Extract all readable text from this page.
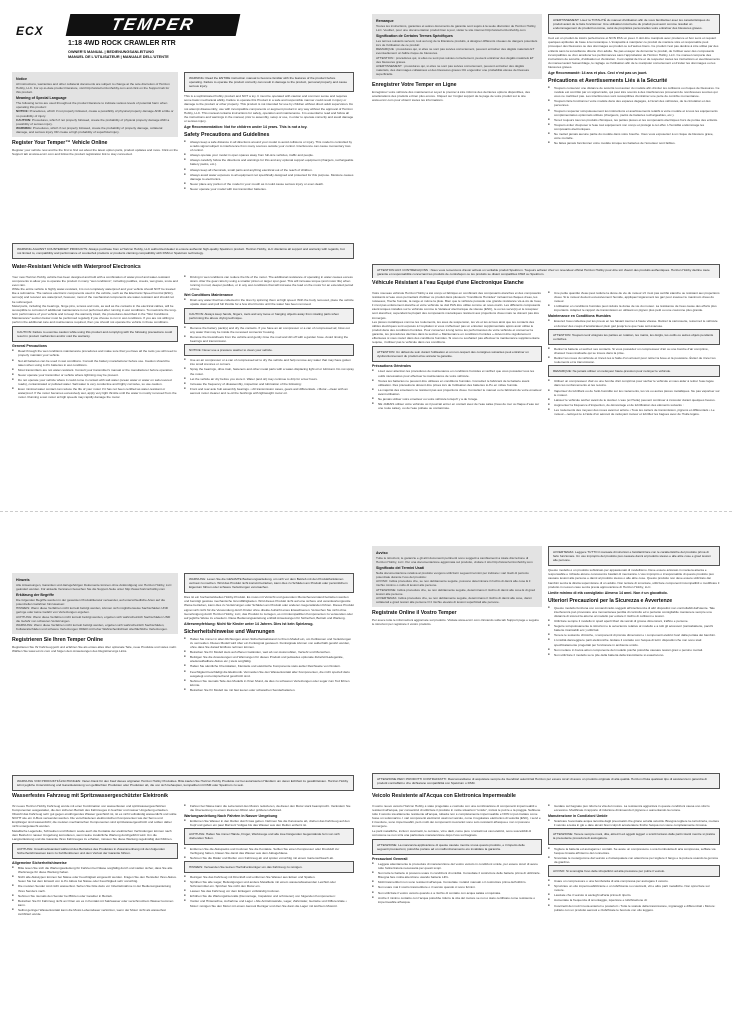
ECX	TEMPER
1:18 4WD ROCK CRAWLER RTR
OWNER'S MANUAL | BEDIENUNGSANLEITUNG
MANUEL DE L'UTILISATEUR | MANUALE DELL'UTENTE
Notice
All instructions, warranties and other collateral documents are subject to change at the sole discretion of Horizon Hobby, LLC. For up-to-date product literature, visit http://www.horizonhobby.com and click on the Support tab for this product.
Meaning of Special Language
The following terms are used throughout the product literature to indicate various levels of potential harm when operating this product:
NOTICE: Procedures, which if not properly followed, create a possibility of physical property damage AND a little or no possibility of injury.
CAUTION: Procedures, which if not properly followed, create the probability of physical property damage AND a possibility of serious injury.
WARNING: Procedures, which if not properly followed, create the probability of property damage, collateral damage, and serious injury OR create a high probability of superficial injury.
Register Your Temper™ Vehicle Online
Register your vehicle now and be the first to find out about the latest option parts, product updates and more. Click on the Support tab at www.ecxrc.com and follow the product registration link to stay connected.
WARNING: Read the ENTIRE instruction manual to become familiar with the features of the product before operating. Failure to operate the product correctly can result in damage to the product, personal property and cause serious injury.
This is a sophisticated hobby product and NOT a toy. It must be operated with caution and common sense and requires some basic mechanical ability. Failure to operate this Product in a safe and responsible manner could result in injury or damage to the product or other property. This product is not intended for use by children without direct adult supervision. Do not attempt disassembly, use with incompatible components or augment product in any way without the approval of Horizon Hobby, LLC. This manual contains instructions for safety, operation and maintenance. It is essential to read and follow all the instructions and warnings in the manual, prior to assembly, setup or use, in order to operate correctly and avoid damage or serious injury.
Age Recommendation: Not for children under 14 years. This is not a toy.
Safety Precautions and Guidelines
■ Always keep a safe distance in all directions around your model to avoid collisions or injury. This model is controlled by a radio signal subject to interference from many sources outside your control. Interference can cause momentary loss of control.
■ Always operate your model in open spaces away from full-size vehicles, traffic and people.
■ Always carefully follow the directions and warnings for this and any optional support equipment (chargers, rechargeable battery packs, etc.).
■ Always keep all chemicals, small parts and anything electrical out of the reach of children.
■ Always avoid water exposure to all equipment not specifically designed and protected for this purpose. Moisture causes damage to electronics.
■ Never place any portion of the model in your mouth as it could cause serious injury or even death.
■ Never operate your model with low transmitter batteries.
WARNING AGAINST COUNTERFEIT PRODUCTS: Always purchase from a Horizon Hobby, LLC authorized dealer to ensure authentic high-quality Spektrum product. Horizon Hobby, LLC disclaims all support and warranty with regards, but not limited to, compatibility and performance of counterfeit products or products claiming compatibility with DSM or Spektrum technology.
Water-Resistant Vehicle with Waterproof Electronics
Your new Horizon Hobby vehicle has been designed and built with a combination of water-proof and water-resistant components to allow you to operate the product in many "wet conditions", including puddles, creeks, wet grass, snow and even rain.
While the entire vehicle is highly water-resistant, it is not completely waterproof and your vehicle should NOT be treated like a submarine. The various electronic components used in the vehicle, such as the Electronic Speed Control (ESC), servo(s) and receiver are waterproof, however, most of the mechanical components are water-resistant and should not be submerged.
Metal parts, including the bearings, hinge pins, screws and nuts, as well as the contacts in the electrical cables, will be susceptible to corrosion if additional maintenance is not performed after running in wet conditions. To maximize the long-term performance of your vehicle and to keep the warranty intact, the procedures described in the "Wet Conditions Maintenance" section below must be performed regularly if you choose to run in wet conditions. If you are not willing to perform the additional care and maintenance required, then you should not operate the vehicle in those conditions.
CAUTION: Failure to exercise caution while using this product and complying with the following precautions could result in product malfunction and/or void the warranty.
General Precautions
■ Read through the wet conditions maintenance procedures and make sure that you have all the tools you will need to properly maintain your vehicle.
■ Not all batteries can be used in wet conditions. Consult the battery manufacturer before use. Caution should be taken when using Li-Po batteries in wet conditions.
■ Most transmitters are not water-resistant. Consult your transmitter's manual or the manufacturer before operation.
■ Never operate your transmitter or vehicle where lightning may be present.
■ Do not operate your vehicle where it could come in contact with salt water (ocean water or water on salt-covered roads), contaminated or polluted water. Salt water is very conductive and highly corrosive, so use caution.
■ Even minimal water contact can reduce the life of your motor if it has not been certified as water-resistant or waterproof. If the motor becomes excessively wet, apply very light throttle until the water is mostly removed from the motor. Running a wet motor at high speeds may rapidly damage the motor.
■ Driving in wet conditions can reduce the life of the motor. The additional resistance of operating in water causes excess strain. Alter the gear ratio by using a smaller pinion or larger spur gear. This will increase torque (and motor life) when running in mud, deeper puddles, or in any wet conditions that will increase the load on the motor for an extended period of time.
Wet Conditions Maintenance
■ Drain any water that has collected in the tires by spinning them at high speed. With the body removed, place the vehicle upside down and pull full throttle for a few short bursts until the water has been removed.
CAUTION: Always keep hands, fingers, tools and any loose or hanging objects away from rotating parts when performing the above drying technique.
■ Remove the battery pack(s) and dry the contacts. If you have an air compressor or a can of compressed air, blow out any water that may be inside the recessed connector housing.
■ Remove the tires/wheels from the vehicle and gently rinse the mud and dirt off with a garden hose. Avoid rinsing the bearings and transmission.
NOTICE: Never use a pressure washer to clean your vehicle.
■ Use an air compressor or a can of compressed air to dry the vehicle and help remove any water that may have gotten into small crevices or corners.
■ Spray the bearings, drive train, fasteners and other metal parts with a water-displacing light oil or lubricant. Do not spray the motor.
■ Let the vehicle air dry before you store it. Water (and oil) may continue to drip for a few hours.
■ Increase the frequency of disassembly, inspection and lubrication of the following:
■ Front and rear axle hub assembly bearings. • All transmission cases, gears and differentials. • Motor—clean with an aerosol motor cleaner and re-oil the bushings with lightweight motor oil.
Remarque
Toutes les instructions, garanties et autres documents de garantie sont sujets à la seule discrétion de Horizon Hobby, LLC. Veuillez, pour une documentation produit bien à jour, visiter le site internet http://www.horizonhobby.com
Signification de Certains Termes Spécifiques
Les termes suivants servent, tout au long de la littérature produits, à désigner différents niveaux de dangers potentiels lors de l'utilisation de ce produit:
REMARQUE : procédures qui, si elles ne sont pas suivies correctement, peuvent entraîner des dégâts matériels ET éventuellement un faible risque de blessures.
ATTENTION : procédures qui, si elles ne sont pas suivies correctement, peuvent entraîner des dégâts matériels ET des blessures graves.
AVERTISSEMENT : procédures qui, si elles ne sont pas suivies correctement, peuvent entraîner des dégâts matériels, des dommages collatéraux et des blessures graves OU engendrer une probabilité élevée de blessure superficielle.
Enregistrer Votre Temper en Ligne
Enregistrez votre véhicule dès maintenant et soyez le premier à être informé des dernières options disponibles, des améliorations des produits et bien plus encore. Cliquez sur l'onglet support de la page de votre produit sur le site www.ecxrc.com pour obtenir toutes les informations.
AVERTISSEMENT: Lisez la TOTALITÉ du manuel d'utilisation afin de vous familiariser avec les caractéristiques du produit avant de le faire fonctionner. Une utilisation incorrecte du produit peut avoir comme résultat un endommagement du produit lui-même, celui de propriétés personnelles voire entraîner des blessures graves.
Ceci est un produit de loisirs perfectionné et NON PAS un jouet. Il doit être manipulé avec prudence et bon sens et requiert quelques aptitudes de base à la mécanique. L'incapacité à manipuler ce produit de manière sûre et responsable peut provoquer des blessures ou des dommages au produit ou à d'autres biens. Ce produit n'est pas destiné à être utilisé par des enfants sans la surveillance directe d'un adulte. Ne pas essayer de démonter le produit, de l'utiliser avec des composants incompatibles ou d'en améliorer les performances sans l'approbation de Horizon Hobby, LLC. Ce manuel comporte des instructions de sécurité, d'utilisation et d'entretien. Il est capital de lire et de respecter toutes les instructions et avertissements du manuel avant l'assemblage, le réglage ou l'utilisation afin de le manipuler correctement et d'éviter les dommages ou les blessures graves.
Age Recommandé: 14 ans et plus. Ceci n'est pas un jouet.
Précautions et Avertissements Liés à la Sécurité
■ Toujours conserver une distance de sécurité tout autour du modèle afin d'éviter les collisions ou risques de blessures. Ce modèle est contrôlé par un signal radio, qui peut être soumis à des interférences provenant de nombreuses sources qui vous ne maîtrisez pas. Les interférences sont susceptibles d'entraîner une perte de contrôle momentanée.
■ Toujours faire fonctionner votre modèle dans des espaces dégagés, à l'écart des véhicules, de la circulation et des personnes.
■ Toujours respecter scrupuleusement les instructions et avertissements relatifs à votre modèle et à tous les équipements complémentaires optionnels utilisés (chargeurs, packs de batteries rechargeables, etc.).
■ Tenez toujours tous les produits chimiques, les petites pièces et les composants électriques hors de portée des enfants.
■ Toujours éviter d'exposer à l'eau tout équipement non conçu et protégé à cet effet. L'humidité endommage les composants électroniques.
■ Ne mettez jamais aucune partie du modèle dans votre bouche. Vous vous exposeriez à un risque de blessure grave, voire mortelle.
■ Ne faites jamais fonctionner votre modèle lorsque les batteries de l'émetteur sont faibles.
ATTENTION AUX CONTREFAÇONS : Nous vous remercions d'avoir acheté un véritable produit Spektrum. Toujours acheter chez un revendeur officiel Horizon Hobby pour être sûr d'avoir des produits authentiques. Horizon Hobby décline toute garantie et responsabilité concernant les produits de contrefaçon ou les produits se disant compatibles DSM ou Spektrum.
Véhicule Résistant à l'eau Equipé d'une Electronique Etanche
Votre nouveau véhicule Horizon Hobby a été conçu et fabriqué en combinant des composants étanches et des composants résistants à l'eau vous permettant d'utiliser ce produit dans plusieurs "Conditions Humides" incluant les flaques d'eau, les ruisseaux, l'herbe humide, la neige et même la pluie. Bien que le véhicule possède une grande résistance vis-à-vis de l'eau, il n'est pas entièrement étanche et votre véhicule ne doit PAS être utilisé comme un sous-marin. Les différents composants électroniques installés sur le véhicule comme le Variateur électronique de vitesse (ESC), le ou les servo(s) et le récepteur sont étanches; cependant la plupart des composants mécaniques résistent aux projections d'eau mais ne doivent pas être immergés.
Les pièces métalliques comme les roulements, les axes de suspension, les vis et les écrous ainsi que les contacts des câbles électriques sont exposés à l'oxydation si vous n'effectuez pas un entretien supplémentaire après avoir utilisé le produit dans des conditions humides. Pour conserver à long terme les performances de votre véhicule et conserver la garantie, les procédures décrites dans la section « Maintenance en conditions humides » doivent être régulièrement effectuées si vous roulez dans des conditions humides. Si vous ne souhaitez pas effectuer la maintenance supplémentaire requise, n'utilisez pas le véhicule dans ces conditions.
ATTENTION: Un défaut de soin durant l'utilisation et un non-respect des consignes suivantes peut entraîner un dysfonctionnement du produit et/ou annuler la garantie.
Précautions Générales
■ Lisez avec attention les procédures de maintenance en conditions humides et vérifiez que vous possédez tous les outils nécessaires pour effectuer la maintenance de votre véhicule.
■ Toutes les batteries ne peuvent être utilisées en conditions humides. Consultez le fabricant de la batterie avant utilisation. Des précautions doivent être prises lors de l'utilisation des batteries Li-Po en milieu humide.
■ La majorité des émetteurs ne résistent pas aux projections d'eau. Consultez le manuel ou le fabricant de votre émetteur avant utilisation.
■ Ne jamais utiliser votre émetteur ou votre véhicule lorsqu'il y a de l'orage.
■ NE JAMAIS utiliser votre véhicule où il pourrait entrer en contact avec de l'eau salée (l'eau de mer ou flaque d'eau sur une route salée), ou de l'eau polluée ou contaminée.
■ Une petite quantité d'eau peut réduire la durée de vie du moteur s'il n'est pas certifié étanche ou résistant aux projections d'eau. Si le moteur devient excessivement humide, appliquez légèrement les gaz pour évacuer le maximum d'eau du moteur.
■ L'utilisation en conditions humides peut réduire la durée de vie du moteur. La résistance de l'eau cause des efforts plus importants. Adaptez le rapport de transmission en utilisant un pignon plus petit ou une couronne plus grande.
Maintenance en Conditions Humides
■ Essorez l'eau collectée par les pneus en les faisant tourner à haute vitesse. Retirez la carrosserie, retournez le véhicule et donnez des coups d'accélérateur plein gaz jusqu'à ce que l'eau soit évacuée.
ATTENTION: Toujours tenir éloignés les parties en rotation, les mains, les doigts, les outils ou autres objets pendants ou lâches.
■ Retirez la batterie et séchez ses contacts. Si vous possédez un compresseur d'air ou une bombe d'air comprimé, chassez l'eau résiduelle qui se trouve dans la prise.
■ Retirez les roues du véhicule et rincez-les à l'aide d'un arrosoir pour retirer la boue et la poussière. Évitez de rincer les roulements et la transmission.
REMARQUE: Ne jamais utiliser un nettoyeur haute-pression pour nettoyer le véhicule.
■ Utilisez un compresseur d'air ou une bombe d'air comprimé pour sécher le véhicule et vous aider à retirer l'eau logée dans les renfoncements et les recoins.
■ Vaporisez du lubrifiant ou de l'anti-humidité sur les roulements, les vis ou autres pièces métalliques. Ne pas vaporiser sur le moteur.
■ Laissez le véhicule sécher avant de le stocker. L'eau (et l'huile) peuvent continuer à s'écouler durant quelques heures.
■ Augmentez la fréquence d'inspection, de démontage et de lubrification des éléments suivants :
■ Les roulements des moyeux des roues avant et arrière • Tous les carters de transmission, pignons et différentiels • Le moteur—nettoyez-le à l'aide d'un aérosol de nettoyant moteur et lubrifiez les bagues avec de l'huile légère.
Hinweis
Alle Anweisungen, Garantien und dazugehörigen Dokumente können ohne Ankündigung von Horizon Hobby, LLC geändert werden. Für aktuelle Versionen besuchen Sie die Support-Seite unter http://www.horizonhobby.com
Erklärung der Begriffe
Die folgenden Begriffe werden in der gesamten Produktliteratur verwendet, auf unterschiedliche Arten auf die potenziellen Gefahren hinzuweisen:
HINWEIS: Wenn diese Verfahren nicht korrekt befolgt werden, können sich möglicherweise Sachschäden UND geringe oder keine Gefahr von Verletzungen ergeben.
ACHTUNG: Wenn diese Verfahren nicht korrekt befolgt werden, ergeben sich wahrscheinlich Sachschäden UND die Gefahr von schweren Verletzungen.
WARNUNG: Wenn diese Verfahren nicht korrekt befolgt werden, ergeben sich wahrscheinlich Sachschäden, Kollateralschäden und schwere Verletzungen ODER mit hoher Wahrscheinlichkeit oberflächliche Verletzungen.
Registrieren Sie Ihren Temper Online
Registrieren Sie Ihr Fahrzeug jetzt und erfahren Sie als erstes alles über optionale Teile, neue Produkte und vieles mehr. Wählen Sie www.ecxrc.com und folgen dem Anweisungen des Registrierungs Links.
WARNUNG: Lesen Sie die GESAMTE Bedienungsanleitung, um sich vor dem Betrieb mit den Produktfunktionen vertraut zu machen. Wird das Produkt nicht korrekt betrieben, kann dies zu Schäden am Produkt oder persönlichem Eigentum führen oder schwere Verletzungen verursachen.
Dies ist ein hochentwickeltes Hobby-Produkt. Es muss mit Vorsicht und gesundem Menschenverstand betrieben werden und benötigt gewisse mechanische Grundfähigkeiten. Wird dieses Produkt nicht auf eine sichere und verantwortungsvolle Weise betrieben, kann dies zu Verletzungen oder Schäden am Produkt oder anderen Gegenständen führen. Dieses Produkt eignet sich nicht für die Verwendung durch Kinder ohne direkte Aufsicht eines Erwachsenen. Versuchen Sie nicht ohne Genehmigung durch Horizon Hobby, LLC, das Produkt zu zerlegen, es mit inkompatiblen Komponenten zu verwenden oder auf jegliche Weise zu erweitern. Diese Bedienungsanleitung enthält Anweisungen für Sicherheit, Betrieb und Wartung.
Altersempfehlung: Nicht für Kinder unter 14 Jahren. Dies ist kein Spielzeug.
Sicherheitshinweise und Warnungen
■ Halten Sie immer in allen Richtungen einen Sicherheitsabstand zu Ihrem Modell ein, um Kollisionen und Verletzungen zu vermeiden. Dieses Modell wird über ein Funksignal gesteuert. Funksignale können von außerhalb gestört werden, ohne dass Sie darauf Einfluss nehmen können.
■ Betreiben Sie Ihr Modell stets auf offenen Geländen, weit ab von Automobilen, Verkehr und Menschen.
■ Befolgen Sie die Anweisungen und Warnungen für dieses Produkt und jedwedes optionale Zubehör/Ladegeräte, wiederaufladbare Akkus etc.) stets sorgfältig.
■ Halten Sie sämtliche Chemikalien, Kleinteile und elektrische Komponente stets außer Reichweite von Kindern.
■ Feuchtigkeit beschädigt die Elektronik. Vermeiden Sie den Wasserkontakt aller Komponenten, die nicht speziell dazu ausgelegt und entsprechend geschützt sind.
■ Nehmen Sie niemals Teile des Modells in Ihren Mund, da dies zu schweren Verletzungen oder sogar zum Tod führen könnte.
■ Betreiben Sie Ihr Modell nie mit fast leeren oder schwachen Senderbatterien.
WARNUNG VOR PRODUKTFÄLSCHUNGEN: Vielen Dank für den Kauf dieses originalen Horizon Hobby Produktes. Bitte kaufen Sie Horizon Hobby Produkte nur bei autorisierten Händlern um deren Echtheit zu gewährleisten. Horizon Hobby lehnt jegliche Unterstützung und Garantieleistung von gefälschten Produkten oder Produkten ab, die von sich behaupten, kompatibel mit DSM oder Spektrum zu sein.
Wasserfestes Fahrzeug mit Spritzwassergeschützter Elektronik
Ihr neues Horizon Hobby Fahrzeug wurde mit einer Kombination von wasserfesten und spritzwassergeschützten Komponenten ausgestattet, die den sicheren Betrieb des Fahrzeuges in feuchter und nasser Umgebung erlauben. Obwohl das Fahrzeug sehr gut gegen eindringendes Wasser geschützt ist, ist es nicht vollständig wasserdicht und sollte NICHT wie ein U-Boot verwendet werden. Die verschiedenen elektronischen Komponenten wie der Servo und Empfänger sind wasserdicht; die meisten mechanischen Komponenten sind spritzwassergeschützt und sollten daher nicht untergetaucht werden.
Metallische Lagerteile, Schrauben und Muttern sowie auch die Kontakte der elektrischen Verbindungen können nach dem Betrieb in nasser Umgebung korrodieren, wenn keine zusätzliche Wartung durchgeführt wird. Um die Langzeitleistung und die Garantie Ihres Fahrzeuges zu erhalten, müssen Sie diese Wartung regelmäßig durchführen.
ACHTUNG: Unaufmerksamkeit während des Betriebes des Produktes in Zusammenhang mit den folgenden Sicherheitshinweisen kann zu Fehlfunktionen und dem Verlust der Garantie führen.
Allgemeine Sicherheitshinweise
■ Bitte lesen Sie sich die Wartungsanleitung für Fahrten bei Nässe sorgfältig durch und stellen sicher, dass Sie alle Werkzeuge für diese Wartung haben.
■ Nicht alle Akkutypen können bei Nässe oder Feuchtigkeit eingesetzt werden. Fragen Sie den Hersteller Ihres Akkus. Seien Sie bei dem Einsatz von Li-Po Akkus bei Nässe oder Feuchtigkeit sehr vorsichtig.
■ Die meisten Sender sind nicht wasserfest. Sehen Sie bitte dazu vor Inbetriebnahme in der Bedienungsanleitung Ihres Senders nach.
■ Nehmen Sie niemals den Sender bei Blitzen oder Gewitter in Betrieb.
■ Betreiben Sie Ihr Fahrzeug nicht an Orten wo es in Kontakt mit Salzwasser oder verschmutztem Wasser kommen kann.
■ Selbst geringer Wasserkontakt kann die Motor-Lebensdauer verkürzen, wenn der Motor nicht als wasserfest zertifiziert wurde.
■ Fahren bei Nässe kann die Lebenszeit des Motors reduzieren, da dieser den Motor stark beansprucht. Verändern Sie die Übersetzung zu einem kleineren Ritzel oder größeren Zahnrad.
Wartungsanleitung Nach Fahrten in Nasser Umgebung
■ Entfernen Sie Wasser in den Reifen durch Gas geben. Nehmen Sie die Karosserie ab, drehen das Fahrzeug auf den Kopf und geben ein paar Mal kurz Vollgas bis das Wasser aus den Reifen entfernt ist.
ACHTUNG: Halten Sie immer Hände, Finger, Werkzeuge und alle lose hängenden Gegenstände fern von sich drehenden Teilen.
■ Entfernen Sie die Akkupacks und trocknen Sie die Kontakte. Sollten Sie einen Kompressor oder Druckluft zur Verfügung haben, blasen Sie damit das Wasser aus dem Akkugehäuse.
■ Nehmen Sie die Räder und Reifen vom Fahrzeug ab und spülen vorsichtig mit einem Gartenschlauch ab.
HINWEIS: Verwenden Sie keinen Hochdruckreiniger um das Fahrzeug zu reinigen.
■ Reinigen Sie das Fahrzeug mit Druckluft und entfernen Sie Wasser aus Ecken und Spalten.
■ Sprühen Sie alle Lager, Befestigungen und andere Metallteile mit einem wasserabweisenden Leichtöl oder Schmiermittel ein. Sprühen Sie nicht den Motor ein.
■ Lassen Sie das Fahrzeug vor dem Einlagern vollständig trocknen.
■ Erhöhen Sie die Wartungsintervalle (Demontage, Inspektion und schmieren) von folgenden Komponenten:
■ Vorder und Hinterachse, Aufnahme und Lager • Alle Antriebswände, Lager, Zahnräder, Getriebe und Differenziale • Motor: reinigen Sie den Motor mit einem Aerosol Reiniger und ölen Sie dann die Lager mit leichtem Motoröl.
Avviso
Tutte le istruzioni, le garanzie e gli altri documenti pertinenti sono soggetti a cambiamenti a totale discrezione di Horizon Hobby, LLC. Per una documentazione aggiornata sul prodotto, visitare il sito http://www.horizonhobby.com
Significato dei Termini Usati
Nella documentazione relativa al prodotto vengono utilizzati i seguenti termini per indicare i vari livelli di pericolo potenziale durante l'uso del prodotto:
AVVISO: Indica procedure che, se non debitamente seguite, possono determinare il rischio di danni alle cose E il rischio minimo o nullo di lesioni alle persone.
ATTENZIONE: Indica procedure che, se non debitamente seguite, determinano il rischio di danni alle cose E di gravi lesioni alle persone.
AVVERTENZA: Indica procedure che, se non debitamente seguite, determinano il rischio di danni alle cose, danni collaterali e gravi lesioni alle persone O il rischio elevato di lesioni superficiali alle persone.
Registrate Online il Vostro Temper
Per avere tutte le informazioni aggiornate sul prodotto. Visitate www.ecxrc.com cliccando sulla tab Support page e seguire le istruzioni per registrare il vostro prodotto.
AVVERTENZA: Leggere TUTTO il manuale di istruzioni e familiarizzare con le caratteristiche del prodotto prima di farlo funzionare. Un uso improprio del prodotto può causare danni al prodotto stesso e alle altre cose e gravi lesioni alle persone.
Questo modello è un prodotto sofisticato per appassionati di modellismo. Deve essere azionato in maniera attenta e responsabile e richiede alcune conoscenze basilari di meccanica. L'uso improprio o irresponsabile di questo prodotto può causare lesioni alle persone e danni al prodotto stesso o alle altre cose. Questo prodotto non deve essere utilizzato dai bambini senza la diretta supervisione di un adulto. Non tentare di smontare, utilizzare componenti incompatibili o modificare il prodotto in nessun caso senza previa approvazione di Horizon Hobby, LLC.
Limite minimo di età consigliato: Almeno 14 anni. Non è un giocattolo.
Ulteriori Precauzioni per la Sicurezza e Avvertenze
■ Questo modello funziona con comandi radio soggetti all'interferenza di altri dispositivi non controllabili dall'utente. Tale interferenza può provocare una momentanea perdita di controllo ed è pertanto consigliabile mantenere sempre una distanza di sicurezza attorno al modello per evitare il rischio di collisioni e lesioni.
■ Utilizzare sempre il modello in spazi aperti liberi da veicoli di grosse dimensioni, traffico e persone.
■ Seguire scrupolosamente le istruzioni e le avvertenze relative al modello e a tutti gli accessori (caricabatterie, pacchi batterie ricaricabili ecc.) utilizzati.
■ Tenere le sostanze chimiche, i componenti di piccole dimensioni e i componenti elettrici fuori dalla portata dei bambini.
■ L'umidità danneggia le parti elettroniche. Evitare il contatto con l'acqua di tutti i dispositivi che non sono stati specificatamente progettati per funzionare in ambiente umido.
■ Non mettere in bocca alcun componente del modello poiché potrebbe causare lesioni gravi o persino mortali.
■ Non utilizzare il modello se le pile della batteria della trasmittente si esauriscono.
ATTENZIONE PER I PRODOTTI CONTRAFFATTI: Raccomandiamo di acquistare sempre da rivenditori autorizzati Horizon per essere sicuri di avere un prodotto originale di alta qualità. Horizon rifiuta qualsiasi tipo di assistenza in garanzia di prodotti contraffatti o che dichiarano compatibilità con Spektrum o DSM.
Veicolo Resistente all'Acqua con Elettronica Impermeabile
Il vostro nuovo veicolo Horizon Hobby è stato progettato e costruito con una combinazione di componenti impermeabili e resistenti all'acqua, per consentirvi di utilizzare il prodotto in molte situazioni "umide", inclusi le pozze e la pioggia. Sebbene tutto il veicolo sia altamente resistente all'acqua, tuttavia non è completamente impermeabile e NON si può trattare come fosse un sottomarino. I vari componenti elettronici usati nel veicolo, come il regolatore elettronico di velocità (ESC), i servi e il ricevitore, sono impermeabili, però molti dei componenti meccanici sono solo resistenti all'acqua e non si possono immergere.
Le parti metalliche, inclusi i cuscinetti, le cerniere, viti e dadi, come pure i contatti sui cavi elettrici, sono suscettibili di corrosione se non si fa una particolare manutenzione dopo l'uso sul bagnato.
ATTENZIONE: La mancanza applicazione di queste cautele mentre si usa questo prodotto, e il rispetto delle seguenti precauzioni, potrebbe portare ad un malfunzionamento e/o invalidare la garanzia.
Precauzioni Generali
■ Leggete attentamente le procedure di manutenzione del vostro veicolo in condizioni umide, per essere sicuri di avere tutto l'attrezzatura necessaria per questi scopi.
■ Non tutte le batterie si possono usare in condizioni di umidità. Consultate il costruttore delle batterie prima di utilizzarle. Bisogna fare molta attenzione usando batterie LiPo.
■ Molti trasmettitori non sono resistenti all'acqua. Consultate i relativi manuali o il costruttore prima dell'utilizzo.
■ Non usare mai il vostro trasmettitore o il veicolo quando ci sono fulmini.
■ Non utilizzate il vostro veicolo quando è a rischio di contatto con acqua salata o inquinata.
■ Anche il minimo contatto con l'acqua potrebbe ridurre la vita del motore se non è stato certificato come resistente o impermeabile all'acqua.
■ Guidare sul bagnato può ridurre la vita del motore. La resistenza aggiuntiva in queste condizioni causa uno sforzo eccessivo. Modificate il rapporto di riduzione diminuendo il pignone o aumentando la corona.
Manutenzione in Condizioni Umide
■ Scaricare l'eventuale acqua raccolta dagli pneumatici che girano ad alta velocità. Bisogna togliere la carrozzeria, mettere il veicolo a testa in giù e dare alcuni brevi colpi di acceleratore finché l'acqua non viene completamente rimossa.
ATTENZIONE: Tenere sempre mani, dita, attrezzi ed oggetti leggeri o sciolti lontano dalle parti rotanti mentre si pratica la precedente procedura di asciugatura.
■ Togliere la batteria ed asciugarne i contatti. Se avete un compressore o una bomboletta di aria compressa, soffiate via l'acqua rimasta all'interno del connettore.
■ Smontate le ruote/gomme dal veicolo e risciacquatele con attenzione per togliere il fango e la polvere usando la gomma da giardino.
AVVISO: Si sconsiglia l'uso delle idropulitrici ad alta pressione per pulire il veicolo.
■ Usare un compressore o una bomboletta di aria compressa per asciugare il veicolo.
■ Spruzzare un olio impermeabilizzante o un lubrificante su cuscinetti, viti e altre parti metalliche. Non spruzzare sul motore.
■ Lasciate che il veicolo si asciughi all'aria prima di riporlo.
■ Aumentate la frequenza di smontaggio, ispezione e lubrificazione di:
■ Cuscinetti dei mozzi ruota anteriori e posteriori • Tutte le scatole della trasmissione, ingranaggi e differenziali • Motore: pulitelo con un prodotto aerosol e rilubrificate le boccole con olio leggero.
